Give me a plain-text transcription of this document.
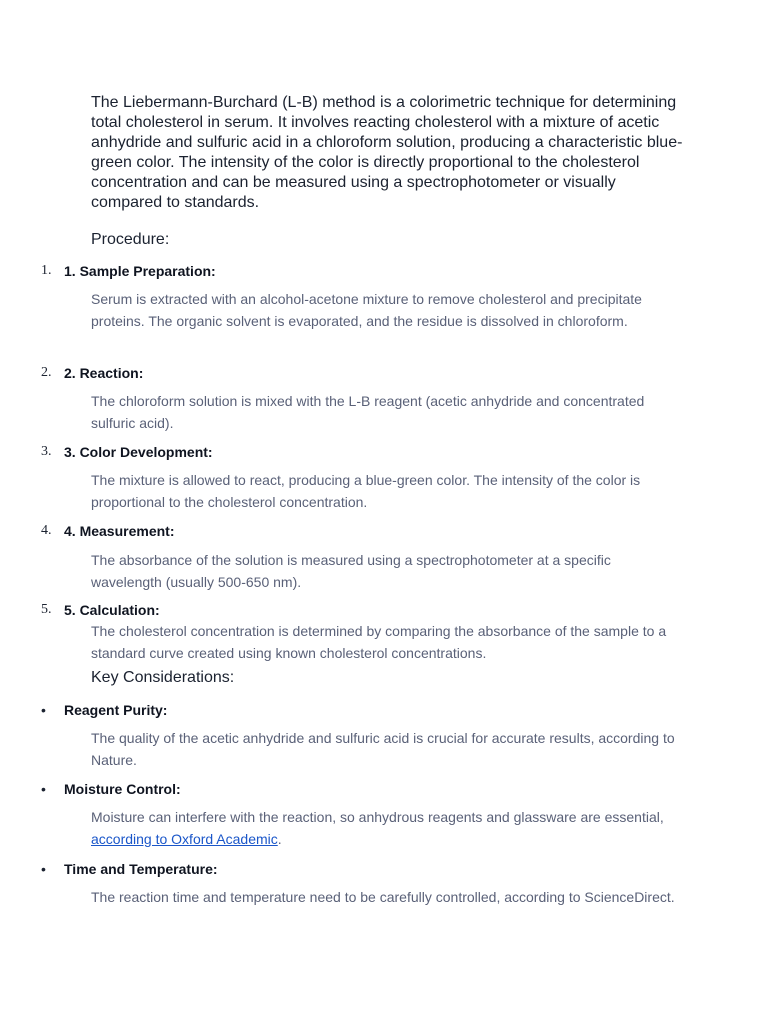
The Liebermann-Burchard (L-B) method is a colorimetric technique for determining total cholesterol in serum. It involves reacting cholesterol with a mixture of acetic anhydride and sulfuric acid in a chloroform solution, producing a characteristic blue-green color. The intensity of the color is directly proportional to the cholesterol concentration and can be measured using a spectrophotometer or visually compared to standards.

Procedure:
1. 1. Sample Preparation:

Serum is extracted with an alcohol-acetone mixture to remove cholesterol and precipitate proteins. The organic solvent is evaporated, and the residue is dissolved in chloroform.

2. 2. Reaction:

The chloroform solution is mixed with the L-B reagent (acetic anhydride and concentrated sulfuric acid).

3. 3. Color Development:

The mixture is allowed to react, producing a blue-green color. The intensity of the color is proportional to the cholesterol concentration.

4. 4. Measurement:

The absorbance of the solution is measured using a spectrophotometer at a specific wavelength (usually 500-650 nm).

5. 5. Calculation:

The cholesterol concentration is determined by comparing the absorbance of the sample to a standard curve created using known cholesterol concentrations.

Key Considerations:
• Reagent Purity:

The quality of the acetic anhydride and sulfuric acid is crucial for accurate results, according to Nature.

• Moisture Control:

Moisture can interfere with the reaction, so anhydrous reagents and glassware are essential, according to Oxford Academic.

• Time and Temperature:

The reaction time and temperature need to be carefully controlled, according to ScienceDirect.
